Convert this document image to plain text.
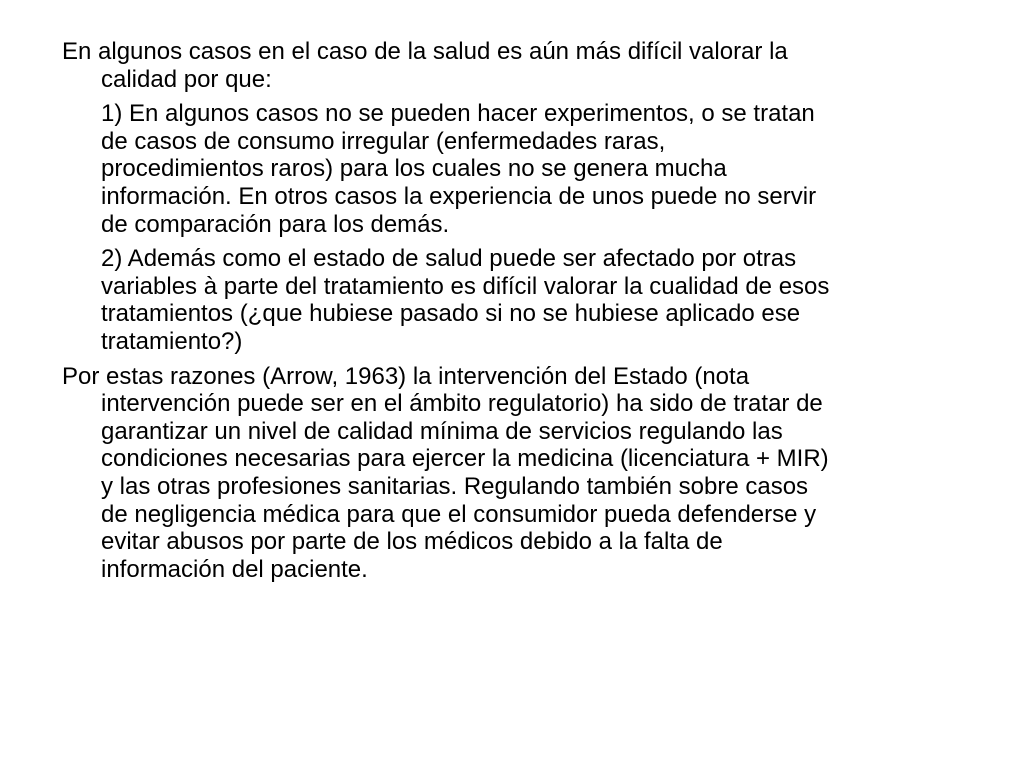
En algunos casos en el caso de la salud es aún más difícil valorar la
calidad por que:

1) En algunos casos no se pueden hacer experimentos, o se tratan
de casos de consumo irregular (enfermedades raras,
procedimientos raros) para los cuales no se genera mucha
información. En otros casos la experiencia de unos puede no servir
de comparación para los demás.

2) Además como el estado de salud puede ser afectado por otras
variables à parte del tratamiento es difícil valorar la cualidad de esos
tratamientos (¿que hubiese pasado si no se hubiese aplicado ese
tratamiento?)

Por estas razones (Arrow, 1963) la intervención del Estado (nota
intervención puede ser en el ámbito regulatorio) ha sido de tratar de
garantizar un nivel de calidad mínima de servicios regulando las
condiciones necesarias para ejercer la medicina (licenciatura + MIR)
y las otras profesiones sanitarias. Regulando también sobre casos
de negligencia médica para que el consumidor pueda defenderse y
evitar abusos por parte de los médicos debido a la falta de
información del paciente.
